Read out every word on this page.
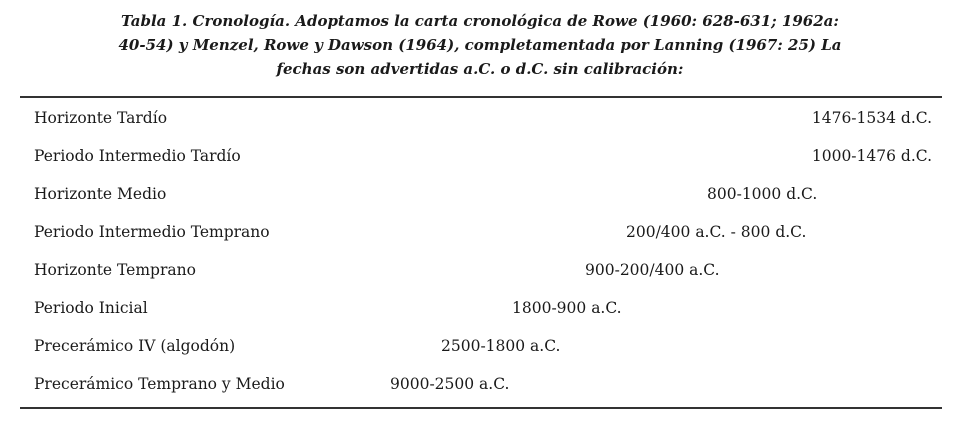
Tabla 1. Cronología. Adoptamos la carta cronológica de Rowe (1960: 628-631; 1962a:
40-54) y Menzel, Rowe y Dawson (1964), completamentada por Lanning (1967: 25) La
fechas son advertidas a.C. o d.C. sin calibración:
Horizonte Tardío	1476-1534 d.C.
Periodo Intermedio Tardío	1000-1476 d.C.
Horizonte Medio	800-1000 d.C.
Periodo Intermedio Temprano	200/400 a.C. - 800 d.C.
Horizonte Temprano	900-200/400 a.C.
Periodo Inicial	1800-900 a.C.
Precerámico IV (algodón)	2500-1800 a.C.
Precerámico Temprano y Medio	9000-2500 a.C.
